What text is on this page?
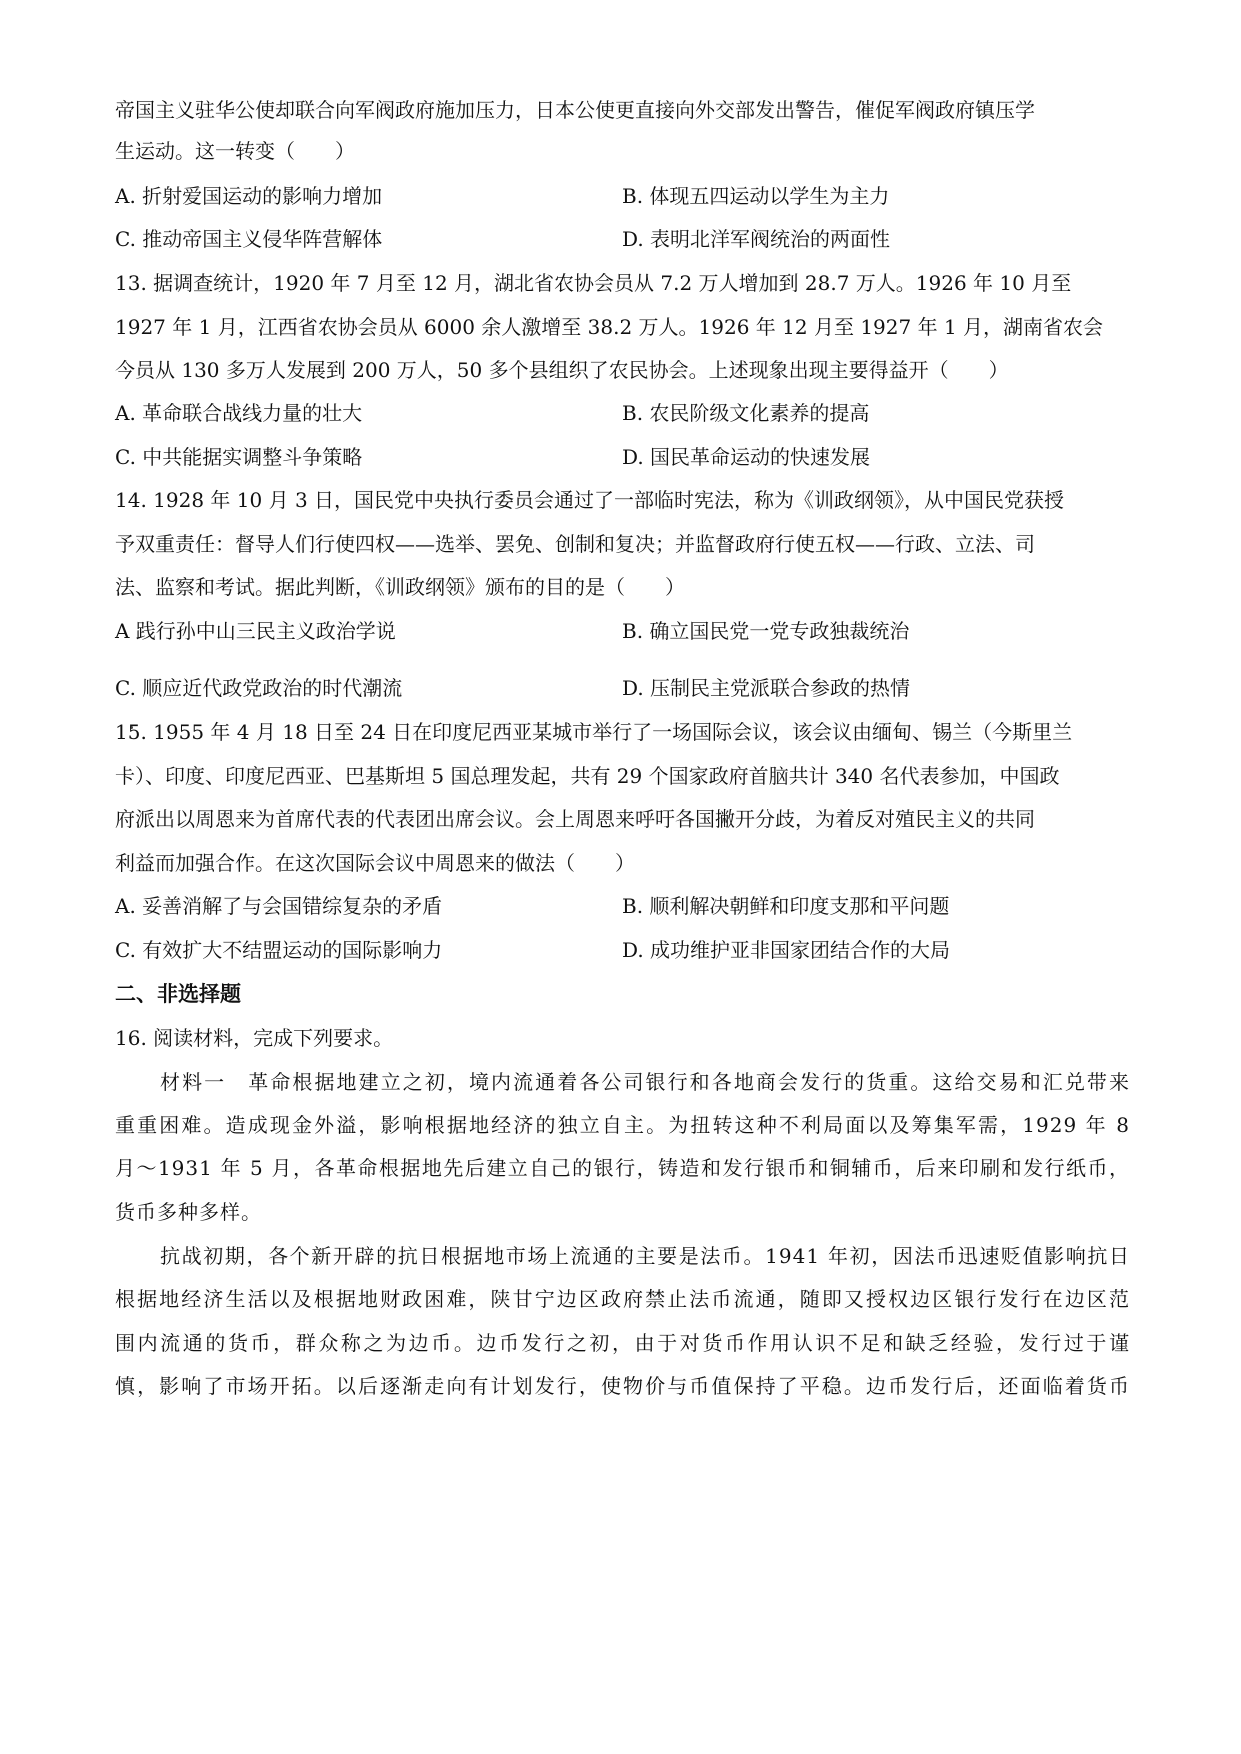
帝国主义驻华公使却联合向军阀政府施加压力，日本公使更直接向外交部发出警告，催促军阀政府镇压学
生运动。这一转变（　　）
A. 折射爱国运动的影响力增加	B. 体现五四运动以学生为主力
C. 推动帝国主义侵华阵营解体	D. 表明北洋军阀统治的两面性
13. 据调查统计，1920 年 7 月至 12 月，湖北省农协会员从 7.2 万人增加到 28.7 万人。1926 年 10 月至
1927 年 1 月，江西省农协会员从 6000 余人激增至 38.2 万人。1926 年 12 月至 1927 年 1 月，湖南省农会
今员从 130 多万人发展到 200 万人，50 多个县组织了农民协会。上述现象出现主要得益开（　　）
A. 革命联合战线力量的壮大	B. 农民阶级文化素养的提高
C. 中共能据实调整斗争策略	D. 国民革命运动的快速发展
14. 1928 年 10 月 3 日，国民党中央执行委员会通过了一部临时宪法，称为《训政纲领》，从中国民党获授
予双重责任：督导人们行使四权——选举、罢免、创制和复决；并监督政府行使五权——行政、立法、司
法、监察和考试。据此判断，《训政纲领》颁布的目的是（　　）
A 践行孙中山三民主义政治学说	B. 确立国民党一党专政独裁统治
C. 顺应近代政党政治的时代潮流	D. 压制民主党派联合参政的热情
15. 1955 年 4 月 18 日至 24 日在印度尼西亚某城市举行了一场国际会议，该会议由缅甸、锡兰（今斯里兰
卡）、印度、印度尼西亚、巴基斯坦 5 国总理发起，共有 29 个国家政府首脑共计 340 名代表参加，中国政
府派出以周恩来为首席代表的代表团出席会议。会上周恩来呼吁各国撇开分歧，为着反对殖民主义的共同
利益而加强合作。在这次国际会议中周恩来的做法（　　）
A. 妥善消解了与会国错综复杂的矛盾	B. 顺利解决朝鲜和印度支那和平问题
C. 有效扩大不结盟运动的国际影响力	D. 成功维护亚非国家团结合作的大局
二、非选择题
16. 阅读材料，完成下列要求。
材料一　革命根据地建立之初，境内流通着各公司银行和各地商会发行的货重。这给交易和汇兑带来
重重困难。造成现金外溢，影响根据地经济的独立自主。为扭转这种不利局面以及筹集军需，1929 年 8
月～1931 年 5 月，各革命根据地先后建立自己的银行，铸造和发行银币和铜辅币，后来印刷和发行纸币，
货币多种多样。
抗战初期，各个新开辟的抗日根据地市场上流通的主要是法币。1941 年初，因法币迅速贬值影响抗日
根据地经济生活以及根据地财政困难，陕甘宁边区政府禁止法币流通，随即又授权边区银行发行在边区范
围内流通的货币，群众称之为边币。边币发行之初，由于对货币作用认识不足和缺乏经验，发行过于谨
慎，影响了市场开拓。以后逐渐走向有计划发行，使物价与币值保持了平稳。边币发行后，还面临着货币
